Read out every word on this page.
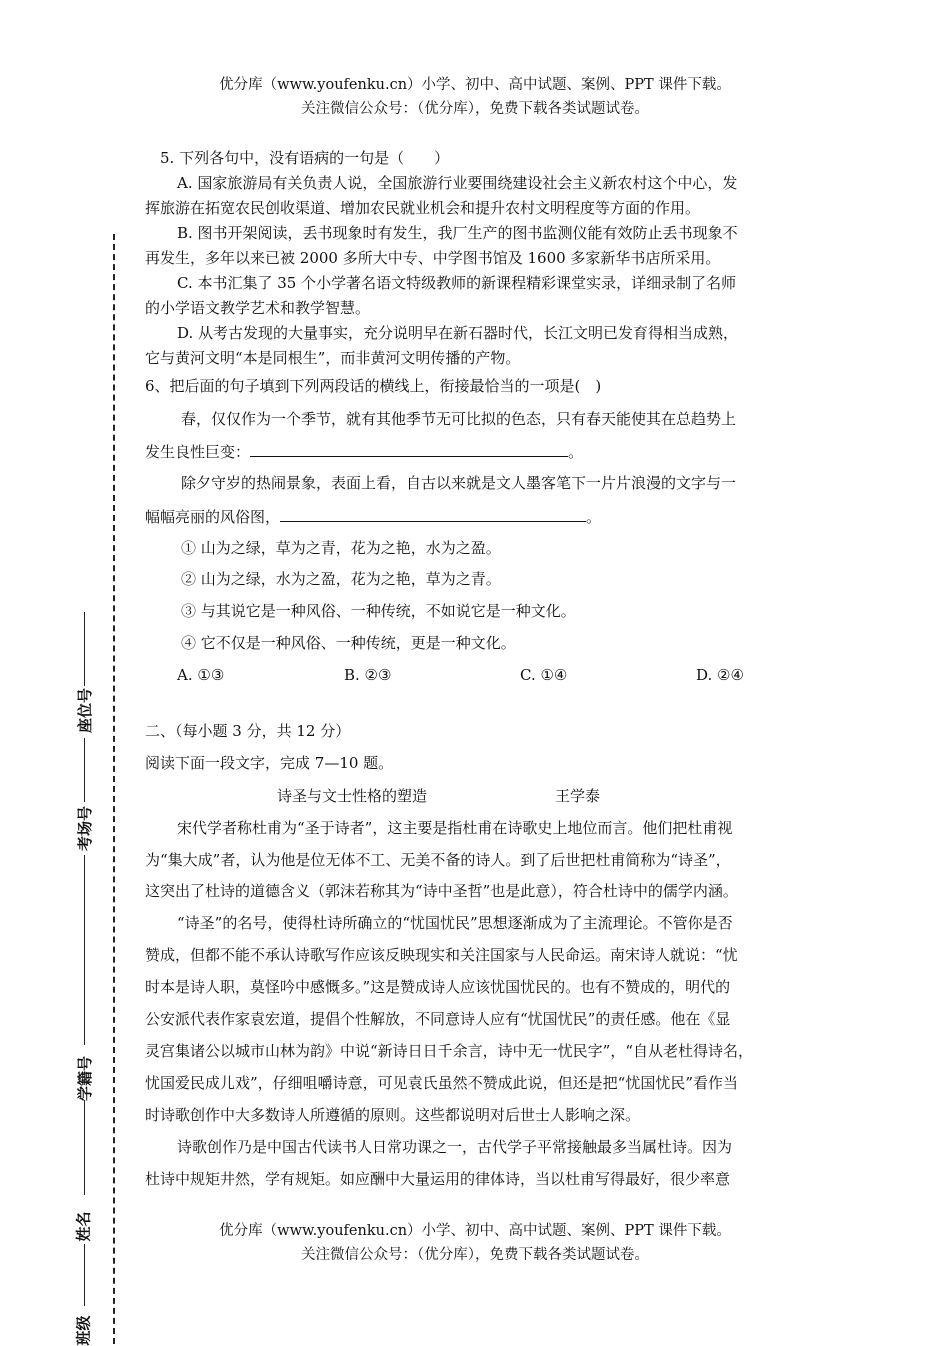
优分库（www.youfenku.cn）小学、初中、高中试题、案例、PPT 课件下载。
关注微信公众号：（优分库），免费下载各类试题试卷。
座位号
考场号
学籍号
姓名
班级
5. 下列各句中，没有语病的一句是（　　）
A. 国家旅游局有关负责人说，全国旅游行业要围绕建设社会主义新农村这个中心，发
挥旅游在拓宽农民创收渠道、增加农民就业机会和提升农村文明程度等方面的作用。
B. 图书开架阅读，丢书现象时有发生，我厂生产的图书监测仪能有效防止丢书现象不
再发生，多年以来已被 2000 多所大中专、中学图书馆及 1600 多家新华书店所采用。
C. 本书汇集了 35 个小学著名语文特级教师的新课程精彩课堂实录，详细录制了名师
的小学语文教学艺术和教学智慧。
D. 从考古发现的大量事实，充分说明早在新石器时代，长江文明已发育得相当成熟，
它与黄河文明“本是同根生”，而非黄河文明传播的产物。
6、把后面的句子填到下列两段话的横线上，衔接最恰当的一项是(　)
春，仅仅作为一个季节，就有其他季节无可比拟的色态，只有春天能使其在总趋势上
发生良性巨变：	。
除夕守岁的热闹景象，表面上看，自古以来就是文人墨客笔下一片片浪漫的文字与一
幅幅亮丽的风俗图，	。
① 山为之绿，草为之青，花为之艳，水为之盈。
② 山为之绿，水为之盈，花为之艳，草为之青。
③ 与其说它是一种风俗、一种传统，不如说它是一种文化。
④ 它不仅是一种风俗、一种传统，更是一种文化。
A. ①③	B. ②③	C. ①④	D. ②④
二、（每小题 3 分，共 12 分）
阅读下面一段文字，完成 7—10 题。
诗圣与文士性格的塑造	王学泰
宋代学者称杜甫为“圣于诗者”，这主要是指杜甫在诗歌史上地位而言。他们把杜甫视
为“集大成”者，认为他是位无体不工、无美不备的诗人。到了后世把杜甫简称为“诗圣”，
这突出了杜诗的道德含义（郭沫若称其为“诗中圣哲”也是此意），符合杜诗中的儒学内涵。
“诗圣”的名号，使得杜诗所确立的“忧国忧民”思想逐渐成为了主流理论。不管你是否
赞成，但都不能不承认诗歌写作应该反映现实和关注国家与人民命运。南宋诗人就说：“忧
时本是诗人职，莫怪吟中感慨多。”这是赞成诗人应该忧国忧民的。也有不赞成的，明代的
公安派代表作家袁宏道，提倡个性解放，不同意诗人应有“忧国忧民”的责任感。他在《显
灵宫集诸公以城市山林为韵》中说“新诗日日千余言，诗中无一忧民字”，“自从老杜得诗名，
忧国爱民成儿戏”，仔细咀嚼诗意，可见袁氏虽然不赞成此说，但还是把“忧国忧民”看作当
时诗歌创作中大多数诗人所遵循的原则。这些都说明对后世士人影响之深。
诗歌创作乃是中国古代读书人日常功课之一，古代学子平常接触最多当属杜诗。因为
杜诗中规矩井然，学有规矩。如应酬中大量运用的律体诗，当以杜甫写得最好，很少率意
优分库（www.youfenku.cn）小学、初中、高中试题、案例、PPT 课件下载。
关注微信公众号：（优分库），免费下载各类试题试卷。
